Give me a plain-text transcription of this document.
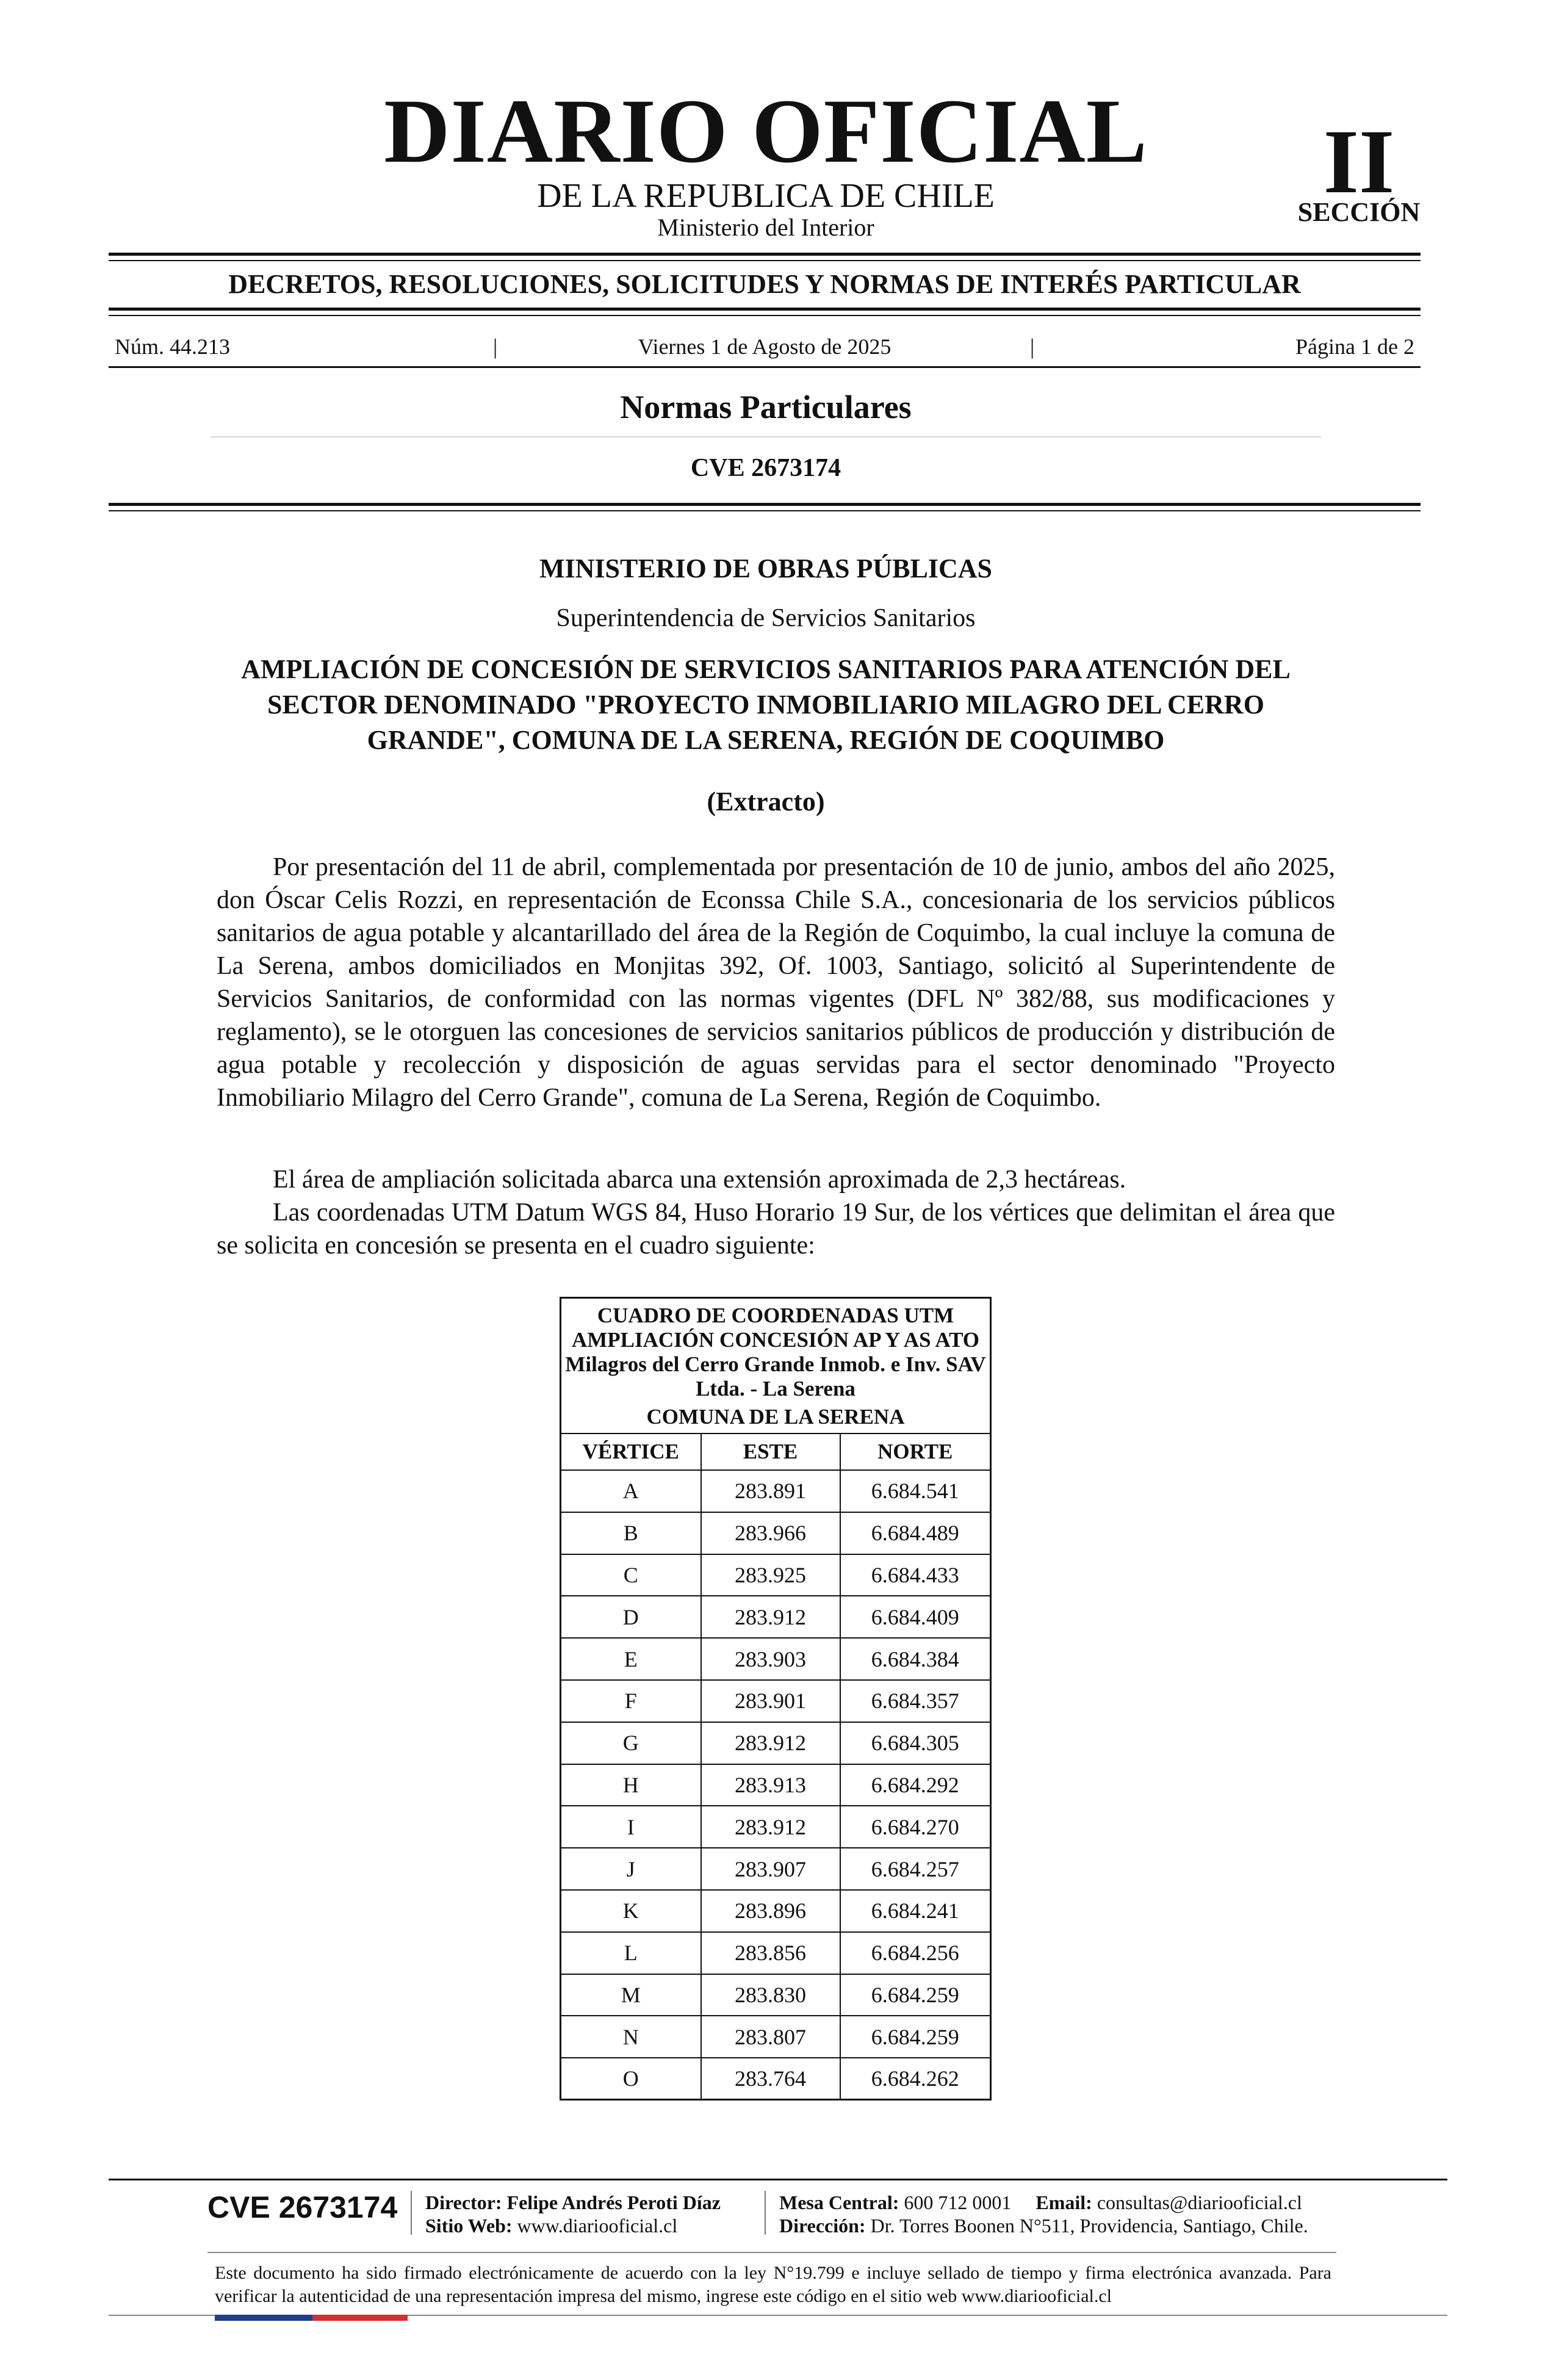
DIARIO OFICIAL
DE LA REPUBLICA DE CHILE
Ministerio del Interior
II
SECCIÓN
DECRETOS, RESOLUCIONES, SOLICITUDES Y NORMAS DE INTERÉS PARTICULAR
Núm. 44.213	|	Viernes 1 de Agosto de 2025	|	Página 1 de 2
Normas Particulares
CVE 2673174
MINISTERIO DE OBRAS PÚBLICAS
Superintendencia de Servicios Sanitarios
AMPLIACIÓN DE CONCESIÓN DE SERVICIOS SANITARIOS PARA ATENCIÓN DEL SECTOR DENOMINADO "PROYECTO INMOBILIARIO MILAGRO DEL CERRO GRANDE", COMUNA DE LA SERENA, REGIÓN DE COQUIMBO
(Extracto)
Por presentación del 11 de abril, complementada por presentación de 10 de junio, ambos del año 2025, don Óscar Celis Rozzi, en representación de Econssa Chile S.A., concesionaria de los servicios públicos sanitarios de agua potable y alcantarillado del área de la Región de Coquimbo, la cual incluye la comuna de La Serena, ambos domiciliados en Monjitas 392, Of. 1003, Santiago, solicitó al Superintendente de Servicios Sanitarios, de conformidad con las normas vigentes (DFL Nº 382/88, sus modificaciones y reglamento), se le otorguen las concesiones de servicios sanitarios públicos de producción y distribución de agua potable y recolección y disposición de aguas servidas para el sector denominado "Proyecto Inmobiliario Milagro del Cerro Grande", comuna de La Serena, Región de Coquimbo.
El área de ampliación solicitada abarca una extensión aproximada de 2,3 hectáreas.
Las coordenadas UTM Datum WGS 84, Huso Horario 19 Sur, de los vértices que delimitan el área que se solicita en concesión se presenta en el cuadro siguiente:
CUADRO DE COORDENADAS UTM AMPLIACIÓN CONCESIÓN AP Y AS ATO Milagros del Cerro Grande Inmob. e Inv. SAV Ltda. - La Serena		
COMUNA DE LA SERENA		
VÉRTICE	ESTE	NORTE
A	283.891	6.684.541
B	283.966	6.684.489
C	283.925	6.684.433
D	283.912	6.684.409
E	283.903	6.684.384
F	283.901	6.684.357
G	283.912	6.684.305
H	283.913	6.684.292
I	283.912	6.684.270
J	283.907	6.684.257
K	283.896	6.684.241
L	283.856	6.684.256
M	283.830	6.684.259
N	283.807	6.684.259
O	283.764	6.684.262
CVE 2673174 Director: Felipe Andrés Peroti Díaz
Sitio Web: www.diariooficial.cl
Mesa Central: 600 712 0001 Email: consultas@diariooficial.cl
Dirección: Dr. Torres Boonen N°511, Providencia, Santiago, Chile.
Este documento ha sido firmado electrónicamente de acuerdo con la ley N°19.799 e incluye sellado de tiempo y firma electrónica avanzada. Para verificar la autenticidad de una representación impresa del mismo, ingrese este código en el sitio web www.diariooficial.cl
